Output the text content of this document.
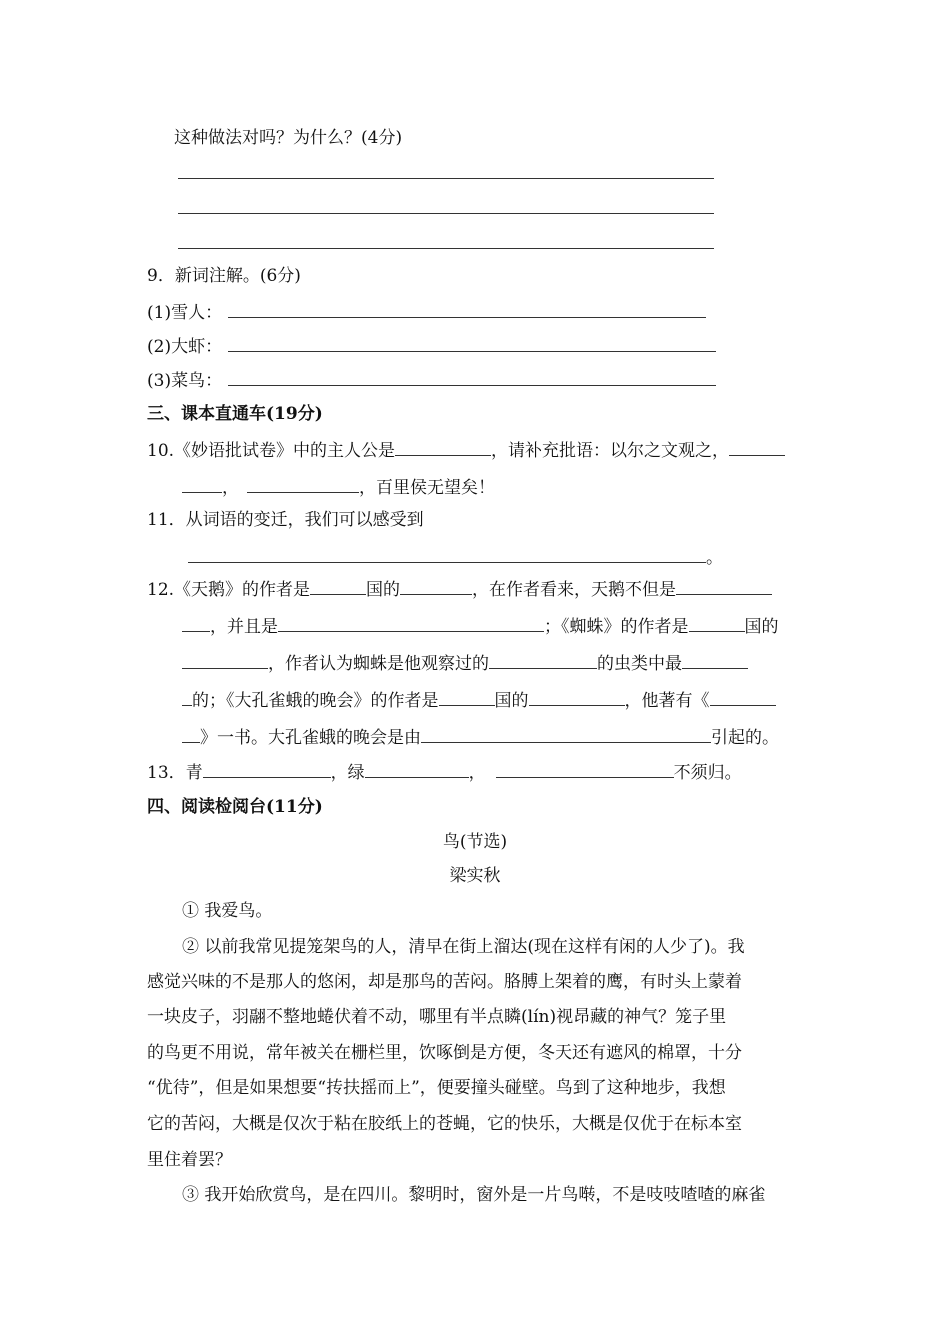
这种做法对吗？为什么？(4分)
9．新词注解。(6分)
(1)雪人：
(2)大虾：
(3)菜鸟：
三、课本直通车(19分)
10.《妙语批试卷》中的主人公是	，请补充批语：以尔之文观之，
，	，百里侯无望矣！
11．从词语的变迁，我们可以感受到
。
12.《天鹅》的作者是	国的	，在作者看来，天鹅不但是
，并且是	；《蜘蛛》的作者是	国的
，作者认为蜘蛛是他观察过的	的虫类中最
的；《大孔雀蛾的晚会》的作者是	国的	，他著有《
》一书。大孔雀蛾的晚会是由	引起的。
13．青	，绿	，	不须归。
四、阅读检阅台(11分)
鸟(节选)
梁实秋
① 我爱鸟。
② 以前我常见提笼架鸟的人，清早在街上溜达(现在这样有闲的人少了)。我
感觉兴味的不是那人的悠闲，却是那鸟的苦闷。胳膊上架着的鹰，有时头上蒙着
一块皮子，羽翮不整地蜷伏着不动，哪里有半点瞵(lín)视昂藏的神气？笼子里
的鸟更不用说，常年被关在栅栏里，饮啄倒是方便，冬天还有遮风的棉罩，十分
“优待”，但是如果想要“抟扶摇而上”，便要撞头碰壁。鸟到了这种地步，我想
它的苦闷，大概是仅次于粘在胶纸上的苍蝇，它的快乐，大概是仅优于在标本室
里住着罢？
③ 我开始欣赏鸟，是在四川。黎明时，窗外是一片鸟啭，不是吱吱喳喳的麻雀
